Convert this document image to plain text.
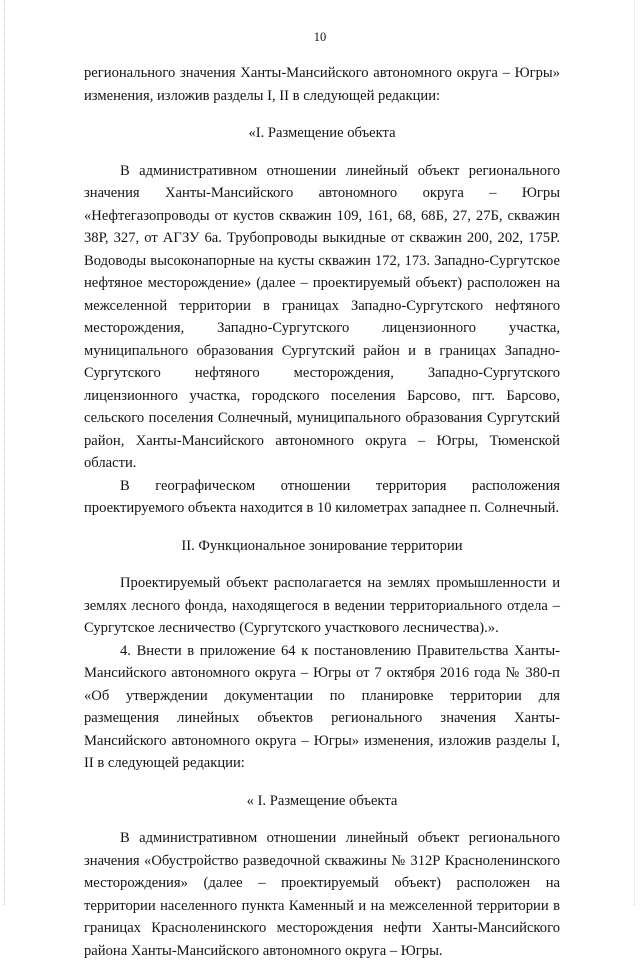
10

регионального значения Ханты-Мансийского автономного округа – Югры» изменения, изложив разделы I, II в следующей редакции:

«I. Размещение объекта

В административном отношении линейный объект регионального значения Ханты-Мансийского автономного округа – Югры «Нефтегазопроводы от кустов скважин 109, 161, 68, 68Б, 27, 27Б, скважин 38Р, 327, от АГЗУ 6а. Трубопроводы выкидные от скважин 200, 202, 175Р. Водоводы высоконапорные на кусты скважин 172, 173. Западно-Сургутское нефтяное месторождение» (далее – проектируемый объект) расположен на межселенной территории в границах Западно-Сургутского нефтяного месторождения, Западно-Сургутского лицензионного участка, муниципального образования Сургутский район и в границах Западно-Сургутского нефтяного месторождения, Западно-Сургутского лицензионного участка, городского поселения Барсово, пгт. Барсово, сельского поселения Солнечный, муниципального образования Сургутский район, Ханты-Мансийского автономного округа – Югры, Тюменской области.

В географическом отношении территория расположения проектируемого объекта находится в 10 километрах западнее п. Солнечный.

II. Функциональное зонирование территории

Проектируемый объект располагается на землях промышленности и землях лесного фонда, находящегося в ведении территориального отдела – Сургутское лесничество (Сургутского участкового лесничества).».

4. Внести в приложение 64 к постановлению Правительства Ханты-Мансийского автономного округа – Югры от 7 октября 2016 года № 380-п «Об утверждении документации по планировке территории для размещения линейных объектов регионального значения Ханты-Мансийского автономного округа – Югры» изменения, изложив разделы I, II в следующей редакции:

« I. Размещение объекта

В административном отношении линейный объект регионального значения «Обустройство разведочной скважины № 312Р Красноленинского месторождения» (далее – проектируемый объект) расположен на территории населенного пункта Каменный и на межселенной территории в границах Красноленинского месторождения нефти Ханты-Мансийского района Ханты-Мансийского автономного округа – Югры.
